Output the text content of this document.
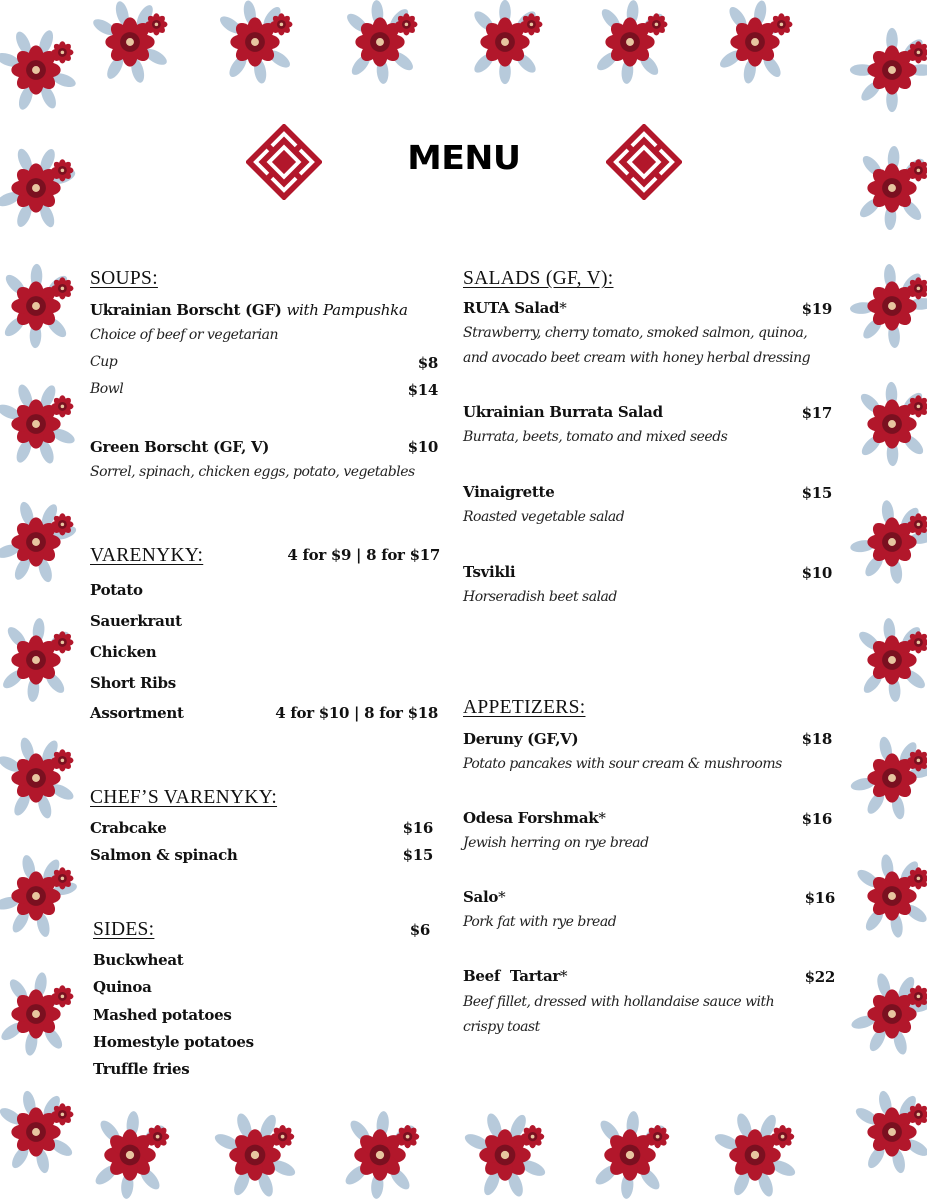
MENU
SOUPS:
Ukrainian Borscht (GF) with Pampushka
Choice of beef or vegetarian
Cup	$8
Bowl	$14
Green Borscht (GF, V)	$10
Sorrel, spinach, chicken eggs, potato, vegetables
VARENYKY:	4 for $9 | 8 for $17
Potato
Sauerkraut
Chicken
Short Ribs
Assortment	4 for $10 | 8 for $18
CHEF’S VARENYKY:
Crabcake	$16
Salmon & spinach	$15
SIDES:	$6
Buckwheat
Quinoa
Mashed potatoes
Homestyle potatoes
Truffle fries
SALADS (GF, V):
RUTA Salad*	$19
Strawberry, cherry tomato, smoked salmon, quinoa,
and avocado beet cream with honey herbal dressing
Ukrainian Burrata Salad	$17
Burrata, beets, tomato and mixed seeds
Vinaigrette	$15
Roasted vegetable salad
Tsvikli	$10
Horseradish beet salad
APPETIZERS:
Deruny (GF,V)	$18
Potato pancakes with sour cream & mushrooms
Odesa Forshmak*	$16
Jewish herring on rye bread
Salo*	$16
Pork fat with rye bread
Beef  Tartar*	$22
Beef fillet, dressed with hollandaise sauce with
crispy toast
